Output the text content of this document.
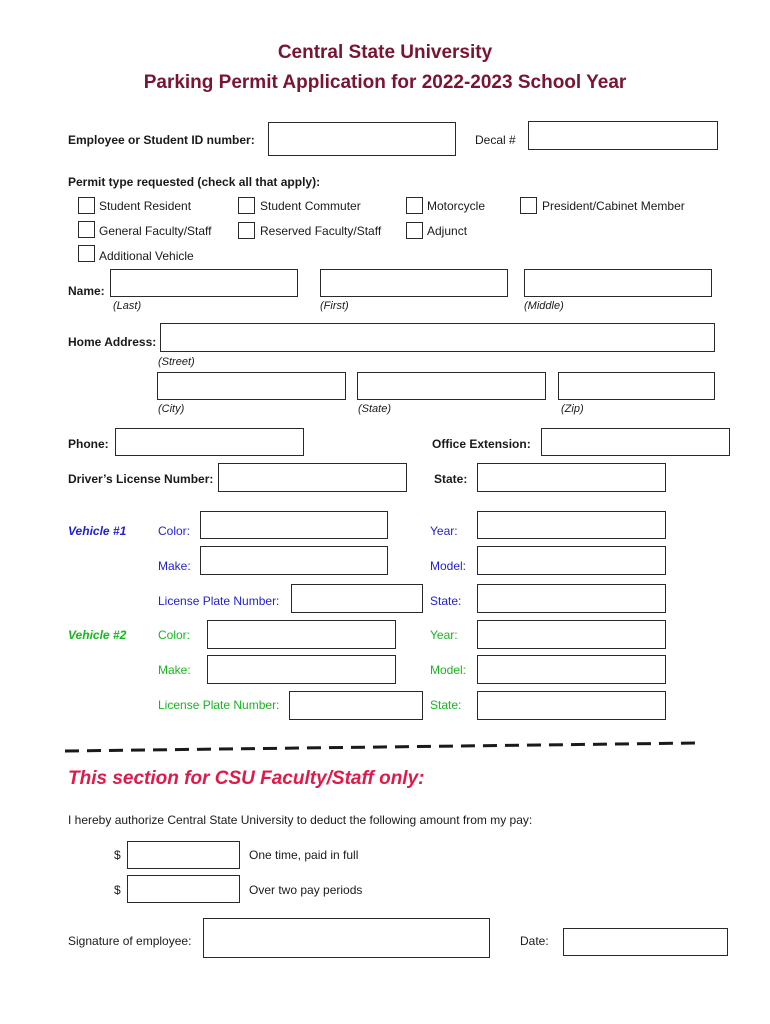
Central State University
Parking Permit Application for 2022-2023 School Year
Employee or Student ID number:	Decal #
Permit type requested (check all that apply):
Student Resident	Student Commuter	Motorcycle	President/Cabinet Member
General Faculty/Staff	Reserved Faculty/Staff	Adjunct
Additional Vehicle
Name:
(Last)	(First)	(Middle)
Home Address:
(Street)
(City)	(State)	(Zip)
Phone:	Office Extension:
Driver’s License Number:	State:
Vehicle #1	Color:	Year:
Make:	Model:
License Plate Number:	State:
Vehicle #2	Color:	Year:
Make:	Model:
License Plate Number:	State:
This section for CSU Faculty/Staff only:
I hereby authorize Central State University to deduct the following amount from my pay:
$	One time, paid in full
$	Over two pay periods
Signature of employee:	Date:
